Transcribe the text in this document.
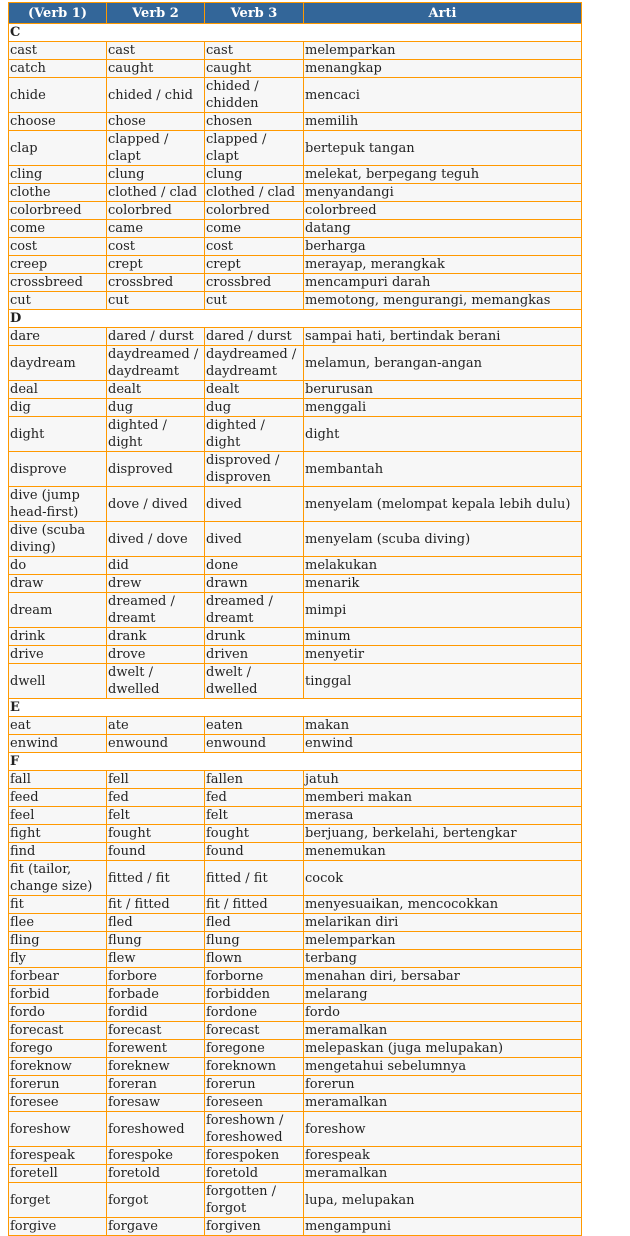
(Verb 1)	Verb 2	Verb 3	Arti
C			
cast	cast	cast	melemparkan
catch	caught	caught	menangkap
chide	chided / chid	chided / chidden	mencaci
choose	chose	chosen	memilih
clap	clapped / clapt	clapped / clapt	bertepuk tangan
cling	clung	clung	melekat, berpegang teguh
clothe	clothed / clad	clothed / clad	menyandangi
colorbreed	colorbred	colorbred	colorbreed
come	came	come	datang
cost	cost	cost	berharga
creep	crept	crept	merayap, merangkak
crossbreed	crossbred	crossbred	mencampuri darah
cut	cut	cut	memotong, mengurangi, memangkas
D			
dare	dared / durst	dared / durst	sampai hati, bertindak berani
daydream	daydreamed / daydreamt	daydreamed / daydreamt	melamun, berangan-angan
deal	dealt	dealt	berurusan
dig	dug	dug	menggali
dight	dighted / dight	dighted / dight	dight
disprove	disproved	disproved / disproven	membantah
dive (jump head-first)	dove / dived	dived	menyelam (melompat kepala lebih dulu)
dive (scuba diving)	dived / dove	dived	menyelam (scuba diving)
do	did	done	melakukan
draw	drew	drawn	menarik
dream	dreamed / dreamt	dreamed / dreamt	mimpi
drink	drank	drunk	minum
drive	drove	driven	menyetir
dwell	dwelt / dwelled	dwelt / dwelled	tinggal
E			
eat	ate	eaten	makan
enwind	enwound	enwound	enwind
F			
fall	fell	fallen	jatuh
feed	fed	fed	memberi makan
feel	felt	felt	merasa
fight	fought	fought	berjuang, berkelahi, bertengkar
find	found	found	menemukan
fit (tailor, change size)	fitted / fit	fitted / fit	cocok
fit	fit / fitted	fit / fitted	menyesuaikan, mencocokkan
flee	fled	fled	melarikan diri
fling	flung	flung	melemparkan
fly	flew	flown	terbang
forbear	forbore	forborne	menahan diri, bersabar
forbid	forbade	forbidden	melarang
fordo	fordid	fordone	fordo
forecast	forecast	forecast	meramalkan
forego	forewent	foregone	melepaskan (juga melupakan)
foreknow	foreknew	foreknown	mengetahui sebelumnya
forerun	foreran	forerun	forerun
foresee	foresaw	foreseen	meramalkan
foreshow	foreshowed	foreshown / foreshowed	foreshow
forespeak	forespoke	forespoken	forespeak
foretell	foretold	foretold	meramalkan
forget	forgot	forgotten / forgot	lupa, melupakan
forgive	forgave	forgiven	mengampuni
